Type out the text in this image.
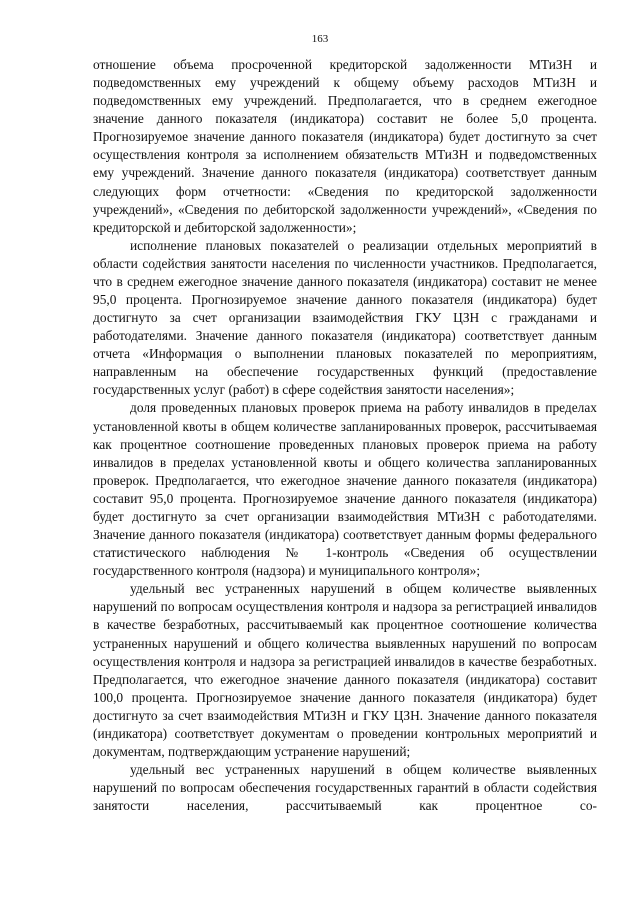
163

отношение объема просроченной кредиторской задолженности МТиЗН и подведомственных ему учреждений к общему объему расходов МТиЗН и подведомственных ему учреждений. Предполагается, что в среднем ежегодное значение данного показателя (индикатора) составит не более 5,0 процента. Прогнозируемое значение данного показателя (индикатора) будет достигнуто за счет осуществления контроля за исполнением обязательств МТиЗН и подведомственных ему учреждений. Значение данного показателя (индикатора) соответствует данным следующих форм отчетности: «Сведения по кредиторской задолженности учреждений», «Сведения по дебиторской задолженности учреждений», «Сведения по кредиторской и дебиторской задолженности»;

исполнение плановых показателей о реализации отдельных мероприятий в области содействия занятости населения по численности участников. Предполагается, что в среднем ежегодное значение данного показателя (индикатора) составит не менее 95,0 процента. Прогнозируемое значение данного показателя (индикатора) будет достигнуто за счет организации взаимодействия ГКУ ЦЗН с гражданами и работодателями. Значение данного показателя (индикатора) соответствует данным отчета «Информация о выполнении плановых показателей по мероприятиям, направленным на обеспечение государственных функций (предоставление государственных услуг (работ) в сфере содействия занятости населения»;

доля проведенных плановых проверок приема на работу инвалидов в пределах установленной квоты в общем количестве запланированных проверок, рассчитываемая как процентное соотношение проведенных плановых проверок приема на работу инвалидов в пределах установленной квоты и общего количества запланированных проверок. Предполагается, что ежегодное значение данного показателя (индикатора) составит 95,0 процента. Прогнозируемое значение данного показателя (индикатора) будет достигнуто за счет организации взаимодействия МТиЗН с работодателями. Значение данного показателя (индикатора) соответствует данным формы федерального статистического наблюдения № 1-контроль «Сведения об осуществлении государственного контроля (надзора) и муниципального контроля»;

удельный вес устраненных нарушений в общем количестве выявленных нарушений по вопросам осуществления контроля и надзора за регистрацией инвалидов в качестве безработных, рассчитываемый как процентное соотношение количества устраненных нарушений и общего количества выявленных нарушений по вопросам осуществления контроля и надзора за регистрацией инвалидов в качестве безработных. Предполагается, что ежегодное значение данного показателя (индикатора) составит 100,0 процента. Прогнозируемое значение данного показателя (индикатора) будет достигнуто за счет взаимодействия МТиЗН и ГКУ ЦЗН. Значение данного показателя (индикатора) соответствует документам о проведении контрольных мероприятий и документам, подтверждающим устранение нарушений;

удельный вес устраненных нарушений в общем количестве выявленных нарушений по вопросам обеспечения государственных гарантий в области содействия занятости населения, рассчитываемый как процентное со-
